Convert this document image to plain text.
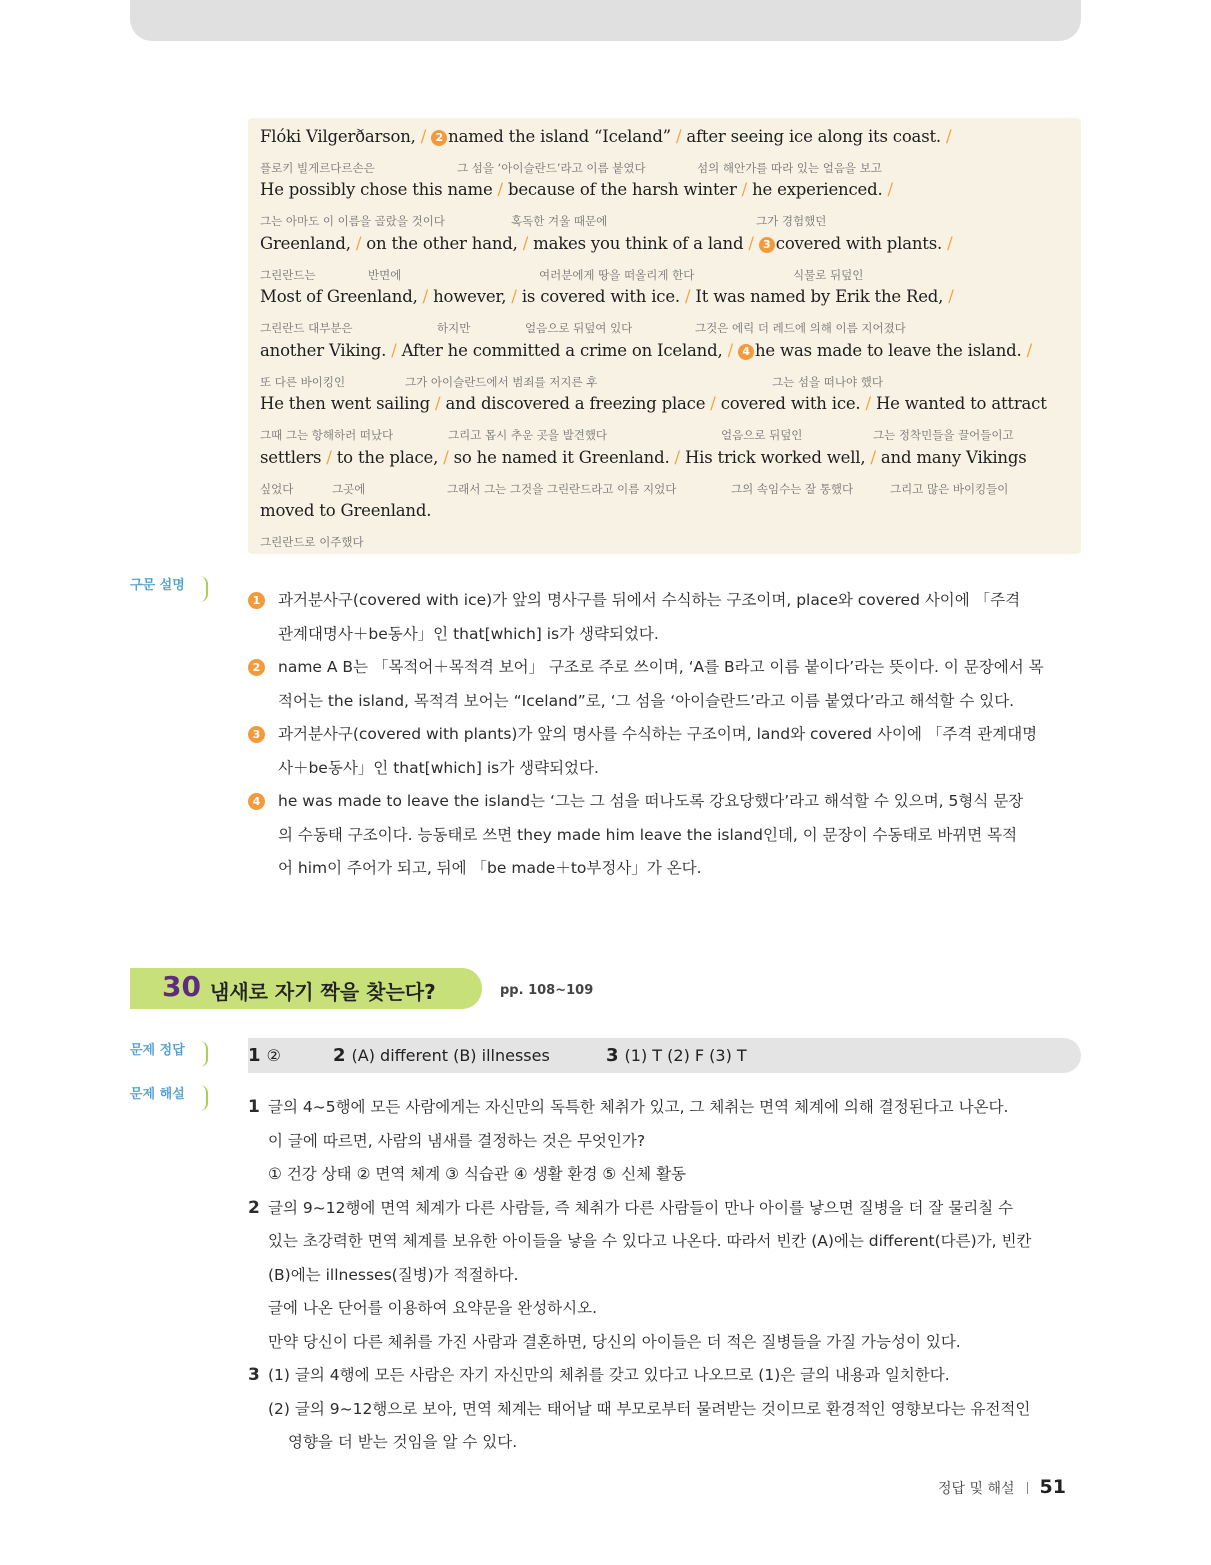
Flóki Vilgerðarson, / 2 named the island “Iceland” / after seeing ice along its coast. /
플로키 빌게르다르손은	그 섬을 ‘아이슬란드’라고 이름 붙였다	섬의 해안가를 따라 있는 얼음을 보고
He possibly chose this name / because of the harsh winter / he experienced. /
그는 아마도 이 이름을 골랐을 것이다	혹독한 겨울 때문에	그가 경험했던
Greenland, / on the other hand, / makes you think of a land / 3 covered with plants. /
그린란드는	반면에	여러분에게 땅을 떠올리게 한다	식물로 뒤덮인
Most of Greenland, / however, / is covered with ice. / It was named by Erik the Red, /
그린란드 대부분은	하지만	얼음으로 뒤덮여 있다	그것은 에릭 더 레드에 의해 이름 지어졌다
another Viking. / After he committed a crime on Iceland, / 4 he was made to leave the island. /
또 다른 바이킹인	그가 아이슬란드에서 범죄를 저지른 후	그는 섬을 떠나야 했다
He then went sailing / and discovered a freezing place / covered with ice. / He wanted to attract
그때 그는 항해하러 떠났다	그리고 몹시 추운 곳을 발견했다	얼음으로 뒤덮인	그는 정착민들을 끌어들이고
settlers / to the place, / so he named it Greenland. / His trick worked well, / and many Vikings
싶었다	그곳에	그래서 그는 그것을 그린란드라고 이름 지었다	그의 속임수는 잘 통했다	그리고 많은 바이킹들이
moved to Greenland.
그린란드로 이주했다
구문 설명
1	과거분사구(covered with ice)가 앞의 명사구를 뒤에서 수식하는 구조이며, place와 covered 사이에 「주격
관계대명사＋be동사」인 that[which] is가 생략되었다.
2	name A B는 「목적어＋목적격 보어」 구조로 주로 쓰이며, ‘A를 B라고 이름 붙이다’라는 뜻이다. 이 문장에서 목
적어는 the island, 목적격 보어는 “Iceland”로, ‘그 섬을 ‘아이슬란드’라고 이름 붙였다’라고 해석할 수 있다.
3	과거분사구(covered with plants)가 앞의 명사를 수식하는 구조이며, land와 covered 사이에 「주격 관계대명
사＋be동사」인 that[which] is가 생략되었다.
4	he was made to leave the island는 ‘그는 그 섬을 떠나도록 강요당했다’라고 해석할 수 있으며, 5형식 문장
의 수동태 구조이다. 능동태로 쓰면 they made him leave the island인데, 이 문장이 수동태로 바뀌면 목적
어 him이 주어가 되고, 뒤에 「be made＋to부정사」가 온다.
30 냄새로 자기 짝을 찾는다?	pp. 108~109
문제 정답	1 ②	2 (A) different (B) illnesses	3 (1) T (2) F (3) T
문제 해설
1 글의 4~5행에 모든 사람에게는 자신만의 독특한 체취가 있고, 그 체취는 면역 체계에 의해 결정된다고 나온다.
이 글에 따르면, 사람의 냄새를 결정하는 것은 무엇인가?
① 건강 상태 ② 면역 체계 ③ 식습관 ④ 생활 환경 ⑤ 신체 활동
2 글의 9~12행에 면역 체계가 다른 사람들, 즉 체취가 다른 사람들이 만나 아이를 낳으면 질병을 더 잘 물리칠 수
있는 초강력한 면역 체계를 보유한 아이들을 낳을 수 있다고 나온다. 따라서 빈칸 (A)에는 different(다른)가, 빈칸
(B)에는 illnesses(질병)가 적절하다.
글에 나온 단어를 이용하여 요약문을 완성하시오.
만약 당신이 다른 체취를 가진 사람과 결혼하면, 당신의 아이들은 더 적은 질병들을 가질 가능성이 있다.
3 (1) 글의 4행에 모든 사람은 자기 자신만의 체취를 갖고 있다고 나오므로 (1)은 글의 내용과 일치한다.
(2) 글의 9~12행으로 보아, 면역 체계는 태어날 때 부모로부터 물려받는 것이므로 환경적인 영향보다는 유전적인
영향을 더 받는 것임을 알 수 있다.
정답 및 해설 51
